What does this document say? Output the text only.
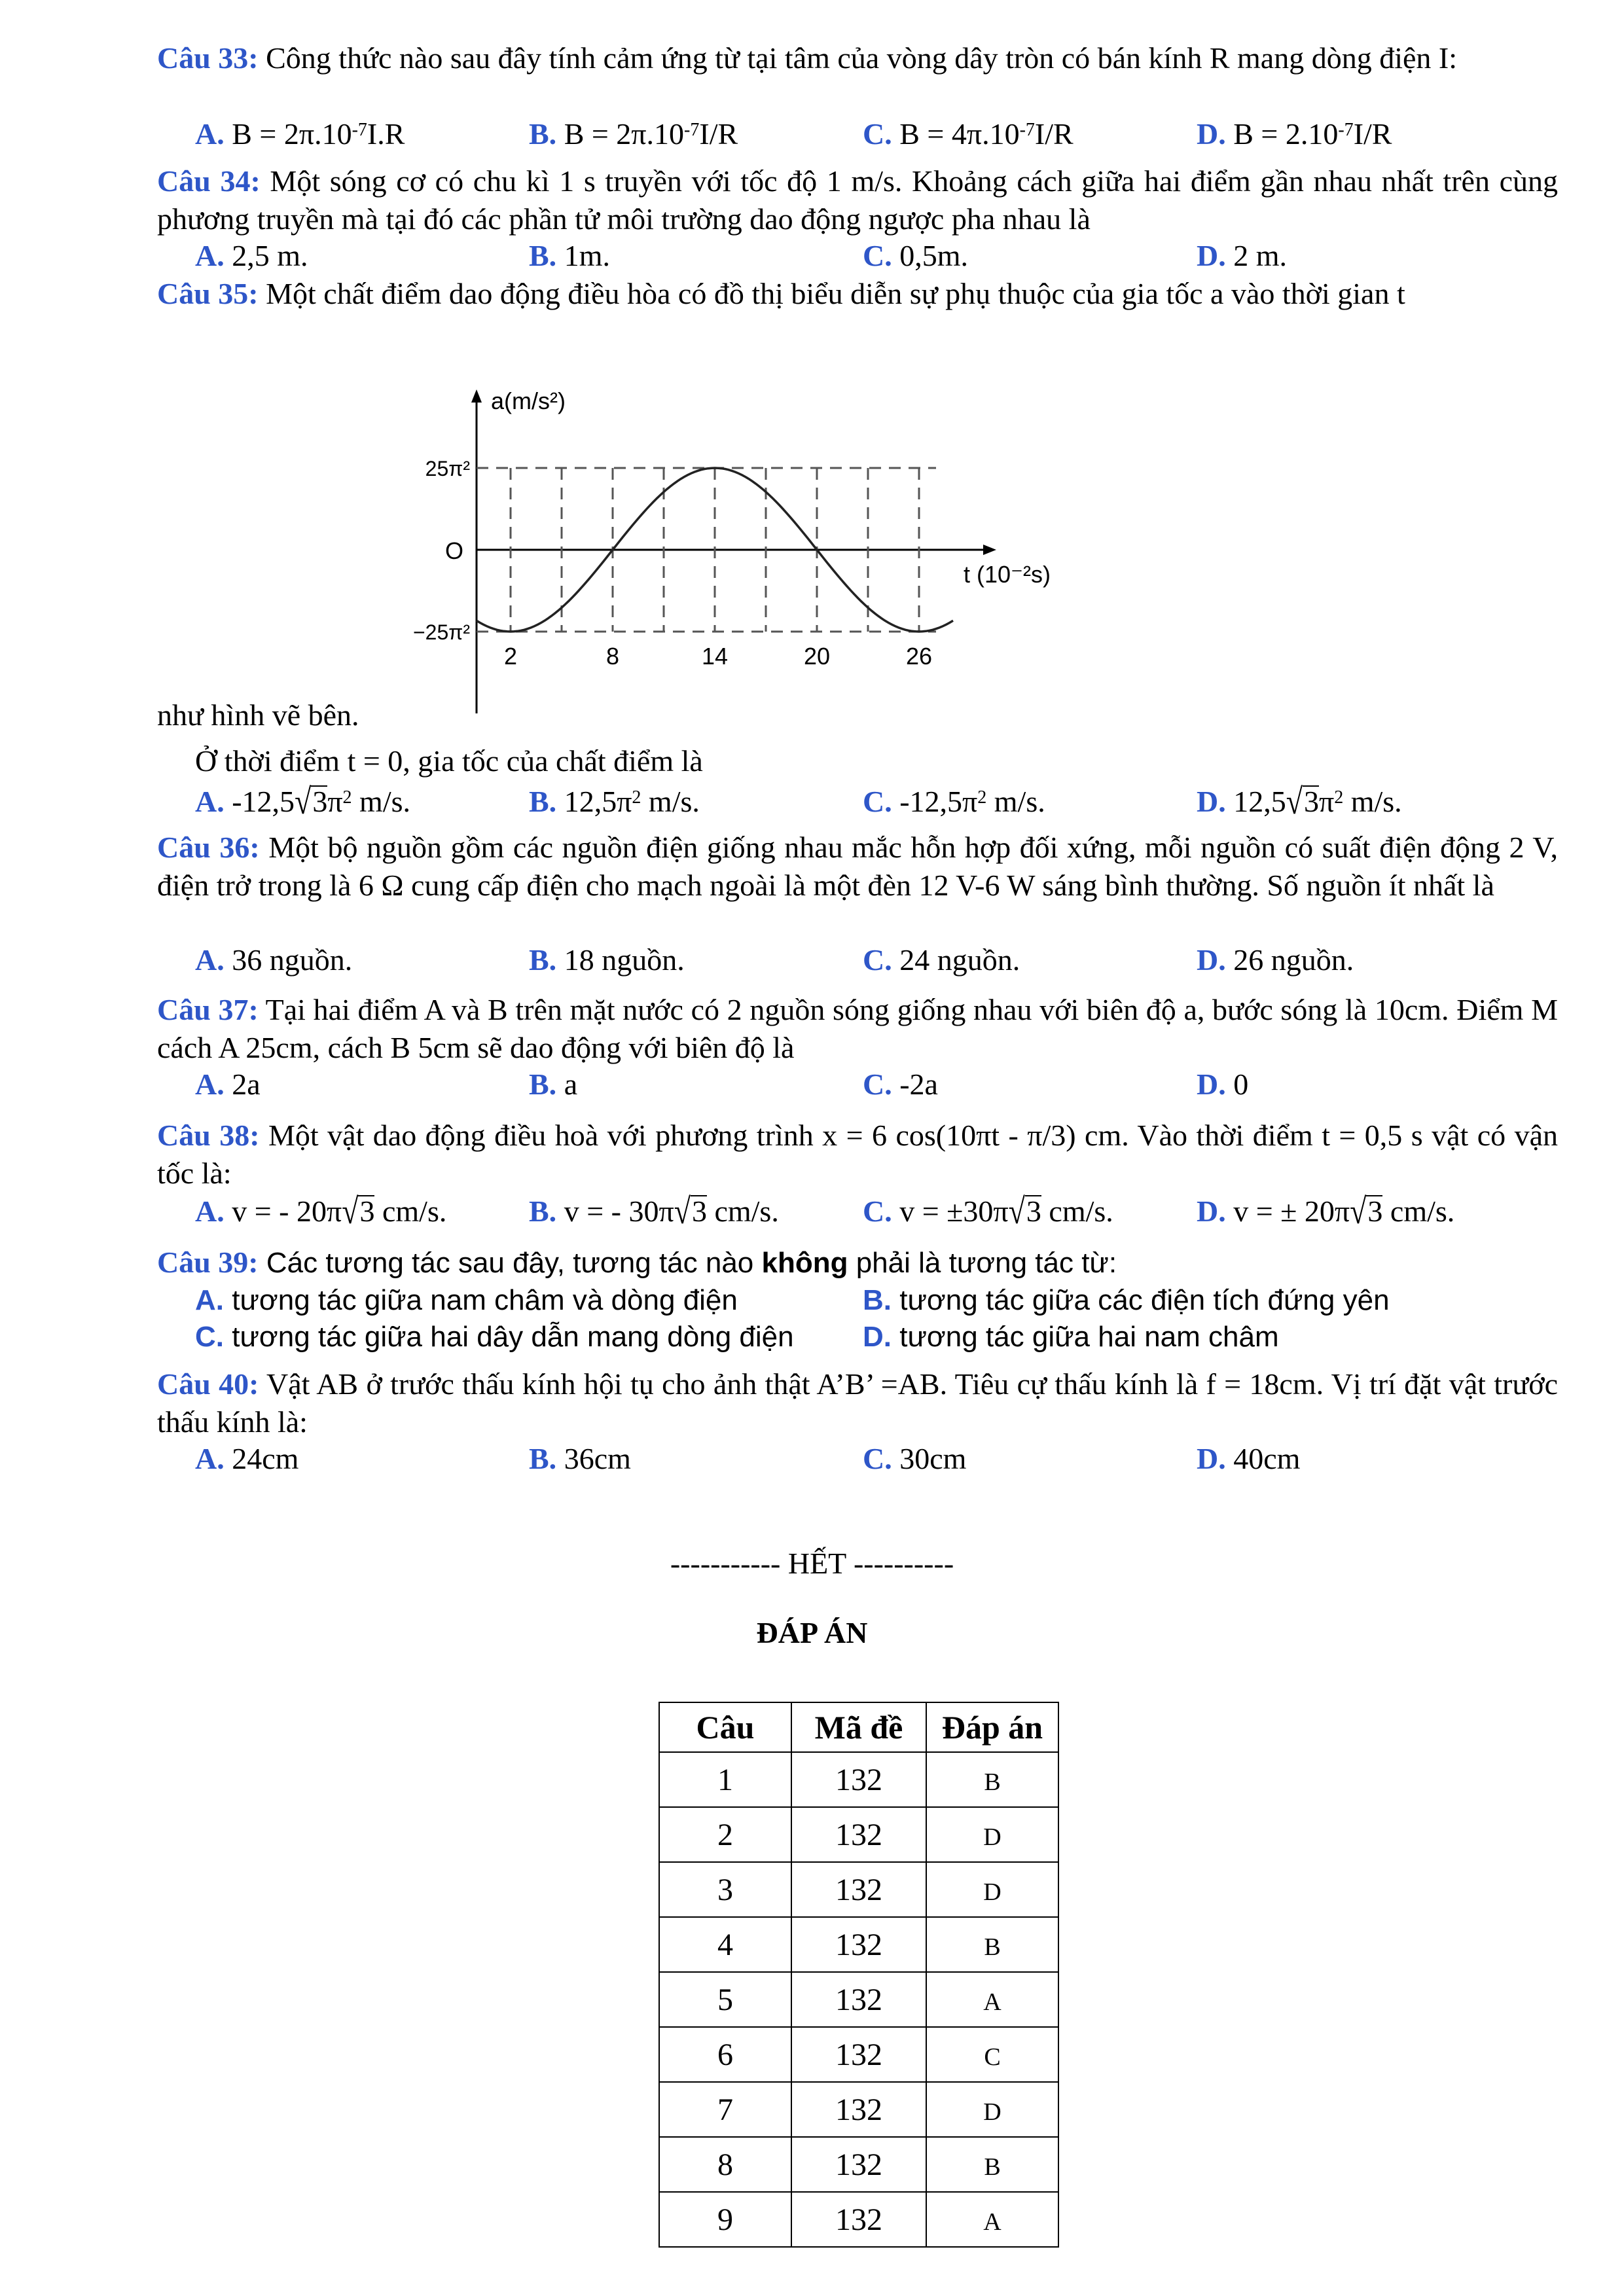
Câu 33: Công thức nào sau đây tính cảm ứng từ tại tâm của vòng dây tròn có bán kính R mang dòng điện I:
A. $B = 2\pi.10^{-7}I.R$	B. $B = 2\pi.10^{-7}I/R$	C. $B = 4\pi.10^{-7}I/R$	D. $B = 2.10^{-7}I/R$
Câu 34: Một sóng cơ có chu kì 1 s truyền với tốc độ 1 m/s. Khoảng cách giữa hai điểm gần nhau nhất trên cùng phương truyền mà tại đó các phần tử môi trường dao động ngược pha nhau là
A. 2,5 m.	B. 1m.	C. 0,5m.	D. 2 m.
Câu 35: Một chất điểm dao động điều hòa có đồ thị biểu diễn sự phụ thuộc của gia tốc a vào thời gian t
a(m/s²)
t (10⁻²s)
O
25π²
−25π²
2	8	14	20	26
như hình vẽ bên.
Ở thời điểm t = 0, gia tốc của chất điểm là
A. $-12,5√3\pi^2$ m/s.	B. $12,5\pi^2$ m/s.	C. $-12,5\pi^2$ m/s.	D. $12,5√3\pi^2$ m/s.
Câu 36: Một bộ nguồn gồm các nguồn điện giống nhau mắc hỗn hợp đối xứng, mỗi nguồn có suất điện động 2 V, điện trở trong là 6 Ω cung cấp điện cho mạch ngoài là một đèn 12 V-6 W sáng bình thường. Số nguồn ít nhất là
A. 36 nguồn.	B. 18 nguồn.	C. 24 nguồn.	D. 26 nguồn.
Câu 37: Tại hai điểm A và B trên mặt nước có 2 nguồn sóng giống nhau với biên độ a, bước sóng là 10cm. Điểm M cách A 25cm, cách B 5cm sẽ dao động với biên độ là
A. 2a	B. a	C. -2a	D. 0
Câu 38: Một vật dao động điều hoà với phương trình x = 6 cos(10πt - π/3) cm. Vào thời điểm t = 0,5 s vật có vận tốc là:
A. v = - 20π√3 cm/s.	B. v = - 30π√3 cm/s.	C. v = ±30π√3 cm/s.	D. v = ± 20π√3 cm/s.
Câu 39: Các tương tác sau đây, tương tác nào không phải là tương tác từ:
A. tương tác giữa nam châm và dòng điện	B. tương tác giữa các điện tích đứng yên
C. tương tác giữa hai dây dẫn mang dòng điện D. tương tác giữa hai nam châm
Câu 40: Vật AB ở trước thấu kính hội tụ cho ảnh thật A’B’ =AB. Tiêu cự thấu kính là f = 18cm. Vị trí đặt vật trước thấu kính là:
A. 24cm	B. 36cm	C. 30cm	D. 40cm
----------- HẾT ----------
ĐÁP ÁN
Câu	Mã đề	Đáp án
1	132	B
2	132	D
3	132	D
4	132	B
5	132	A
6	132	C
7	132	D
8	132	B
9	132	A
